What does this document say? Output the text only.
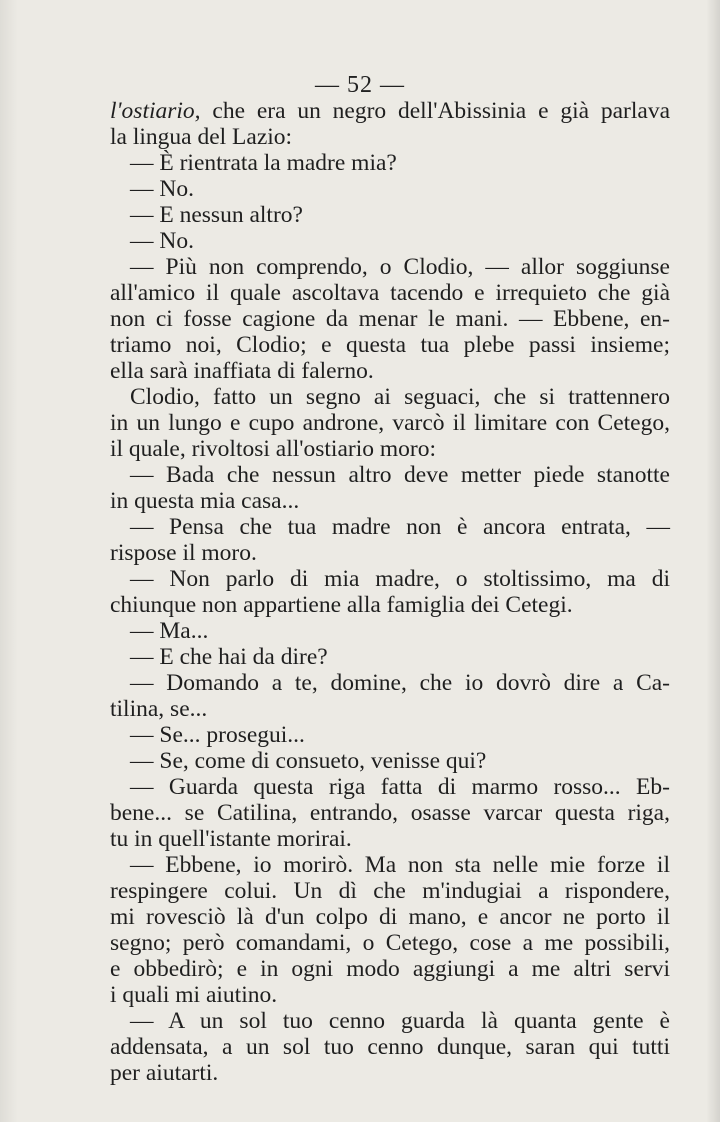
— 52 —
l'ostiario, che era un negro dell'Abissinia e già parlava
la lingua del Lazio:
— È rientrata la madre mia?
— No.
— E nessun altro?
— No.
— Più non comprendo, o Clodio, — allor soggiunse
all'amico il quale ascoltava tacendo e irrequieto che già
non ci fosse cagione da menar le mani. — Ebbene, en-
triamo noi, Clodio; e questa tua plebe passi insieme;
ella sarà inaffiata di falerno.
Clodio, fatto un segno ai seguaci, che si trattennero
in un lungo e cupo androne, varcò il limitare con Cetego,
il quale, rivoltosi all'ostiario moro:
— Bada che nessun altro deve metter piede stanotte
in questa mia casa...
— Pensa che tua madre non è ancora entrata, —
rispose il moro.
— Non parlo di mia madre, o stoltissimo, ma di
chiunque non appartiene alla famiglia dei Cetegi.
— Ma...
— E che hai da dire?
— Domando a te, domine, che io dovrò dire a Ca-
tilina, se...
— Se... prosegui...
— Se, come di consueto, venisse qui?
— Guarda questa riga fatta di marmo rosso... Eb-
bene... se Catilina, entrando, osasse varcar questa riga,
tu in quell'istante morirai.
— Ebbene, io morirò. Ma non sta nelle mie forze il
respingere colui. Un dì che m'indugiai a rispondere,
mi rovesciò là d'un colpo di mano, e ancor ne porto il
segno; però comandami, o Cetego, cose a me possibili,
e obbedirò; e in ogni modo aggiungi a me altri servi
i quali mi aiutino.
— A un sol tuo cenno guarda là quanta gente è
addensata, a un sol tuo cenno dunque, saran qui tutti
per aiutarti.
